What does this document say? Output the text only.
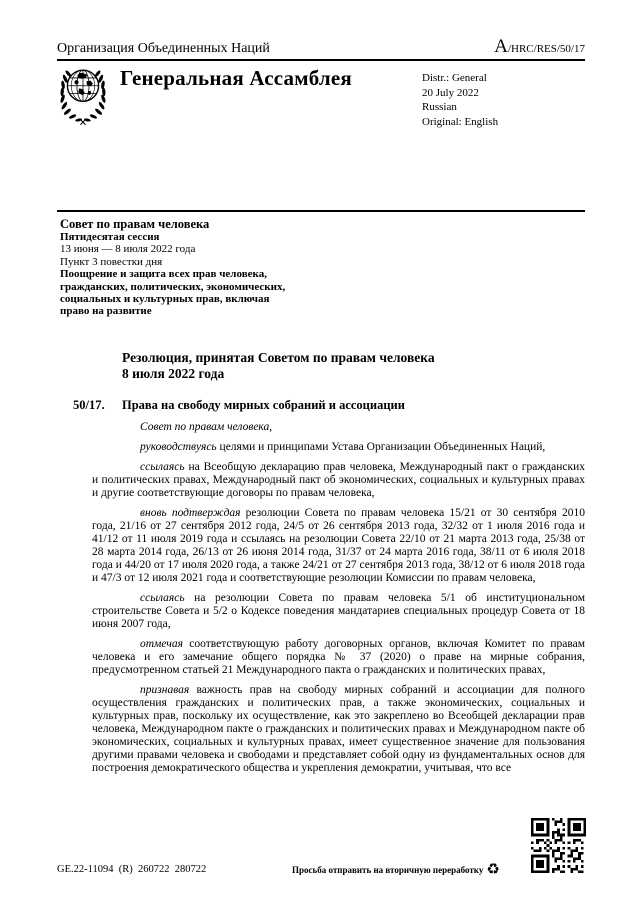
Организация Объединенных Наций	A/HRC/RES/50/17
Генеральная Ассамблея	Distr.: General
20 July 2022
Russian
Original: English
Совет по правам человека
Пятидесятая сессия
13 июня — 8 июля 2022 года
Пункт 3 повестки дня
Поощрение и защита всех прав человека,
гражданских, политических, экономических,
социальных и культурных прав, включая
право на развитие
Резолюция, принятая Советом по правам человека
8 июля 2022 года
50/17. Права на свободу мирных собраний и ассоциации

Совет по правам человека,

руководствуясь целями и принципами Устава Организации Объединенных Наций,

ссылаясь на Всеобщую декларацию прав человека, Международный пакт о гражданских и политических правах, Международный пакт об экономических, социальных и культурных правах и другие соответствующие договоры по правам человека,

вновь подтверждая резолюции Совета по правам человека 15/21 от 30 сентября 2010 года, 21/16 от 27 сентября 2012 года, 24/5 от 26 сентября 2013 года, 32/32 от 1 июля 2016 года и 41/12 от 11 июля 2019 года и ссылаясь на резолюции Совета 22/10 от 21 марта 2013 года, 25/38 от 28 марта 2014 года, 26/13 от 26 июня 2014 года, 31/37 от 24 марта 2016 года, 38/11 от 6 июля 2018 года и 44/20 от 17 июля 2020 года, а также 24/21 от 27 сентября 2013 года, 38/12 от 6 июля 2018 года и 47/3 от 12 июля 2021 года и соответствующие резолюции Комиссии по правам человека,

ссылаясь на резолюции Совета по правам человека 5/1 об институциональном строительстве Совета и 5/2 о Кодексе поведения мандатариев специальных процедур Совета от 18 июня 2007 года,

отмечая соответствующую работу договорных органов, включая Комитет по правам человека и его замечание общего порядка № 37 (2020) о праве на мирные собрания, предусмотренном статьей 21 Международного пакта о гражданских и политических правах,

признавая важность прав на свободу мирных собраний и ассоциации для полного осуществления гражданских и политических прав, а также экономических, социальных и культурных прав, поскольку их осуществление, как это закреплено во Всеобщей декларации прав человека, Международном пакте о гражданских и политических правах и Международном пакте об экономических, социальных и культурных правах, имеет существенное значение для пользования другими правами человека и свободами и представляет собой одну из фундаментальных основ для построения демократического общества и укрепления демократии, учитывая, что все

GE.22-11094  (R)  260722  280722	Просьба отправить на вторичную переработку ♻
